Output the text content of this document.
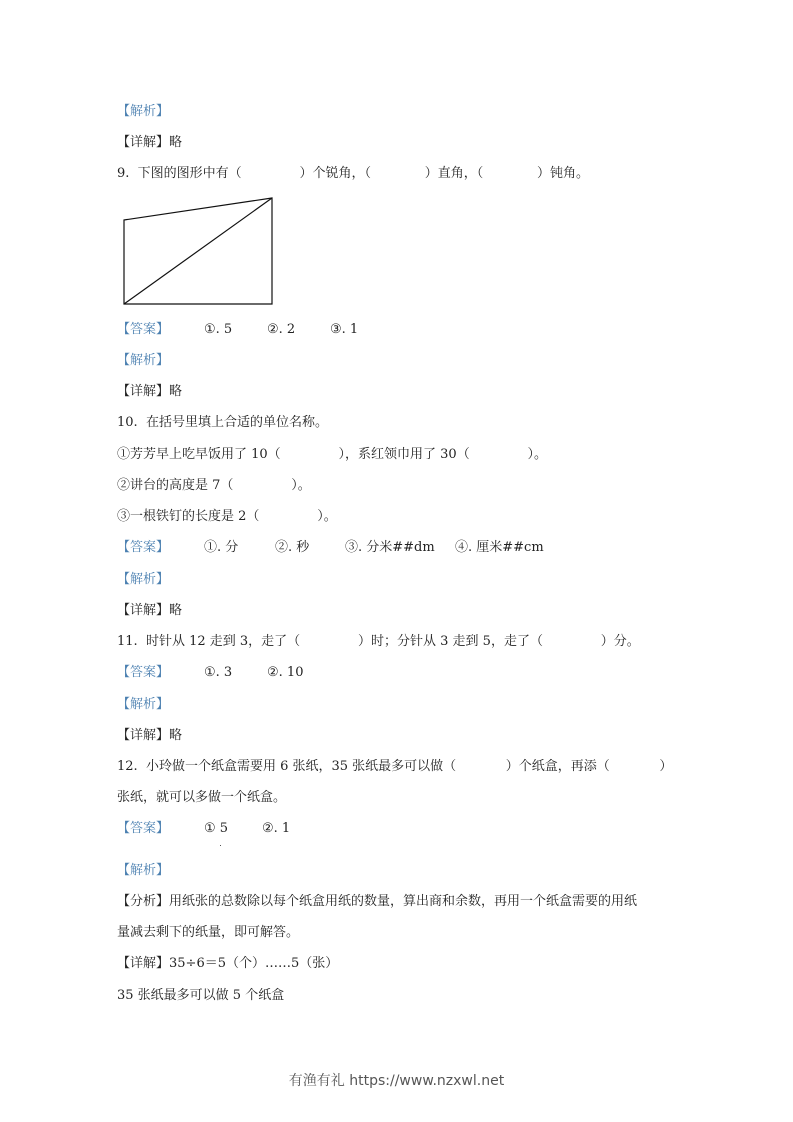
【解析】
【详解】略
9.  下图的图形中有（              ）个锐角，（             ）直角，（             ）钝角。
【答案】	①. 5	②. 2	③. 1
【解析】
【详解】略
10.  在括号里填上合适的单位名称。
①芳芳早上吃早饭用了 10（              ），系红领巾用了 30（              ）。
②讲台的高度是 7（              ）。
③一根铁钉的长度是 2（              ）。
【答案】	①. 分	②. 秒	③. 分米##dm ④. 厘米##cm
【解析】
【详解】略
11.  时针从 12 走到 3，走了（              ）时；分针从 3 走到 5，走了（              ）分。
【答案】	①. 3	②. 10
【解析】
【详解】略
12.  小玲做一个纸盒需要用 6 张纸，35 张纸最多可以做（            ）个纸盒，再添（            ）
张纸，就可以多做一个纸盒。
【答案】	① 5	②. 1
【解析】
【分析】用纸张的总数除以每个纸盒用纸的数量，算出商和余数，再用一个纸盒需要的用纸
量减去剩下的纸量，即可解答。
【详解】35÷6＝5（个）……5（张）
35 张纸最多可以做 5 个纸盒
有渔有礼 https://www.nzxwl.net
